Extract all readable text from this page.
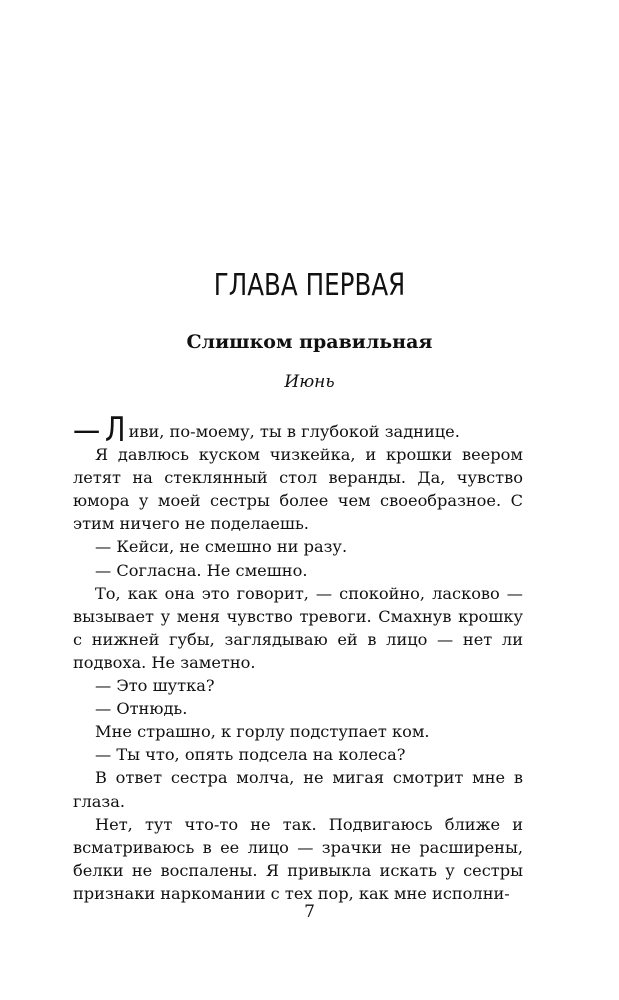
ГЛАВА ПЕРВАЯ
Слишком правильная
Июнь

— Л иви, по-моему, ты в глубокой заднице.

Я давлюсь куском чизкейка, и крошки веером летят на стеклянный стол веранды. Да, чувство юмора у моей сестры более чем своеобразное. С этим ничего не поделаешь.

— Кейси, не смешно ни разу.

— Согласна. Не смешно.

То, как она это говорит, — спокойно, ласково — вызывает у меня чувство тревоги. Смахнув крошку с нижней губы, заглядываю ей в лицо — нет ли подвоха. Не заметно.

— Это шутка?

— Отнюдь.

Мне страшно, к горлу подступает ком.

— Ты что, опять подсела на колеса?

В ответ сестра молча, не мигая смотрит мне в глаза.

Нет, тут что-то не так. Подвигаюсь ближе и всматриваюсь в ее лицо — зрачки не расширены, белки не воспалены. Я привыкла искать у сестры признаки наркомании с тех пор, как мне исполни-

7
